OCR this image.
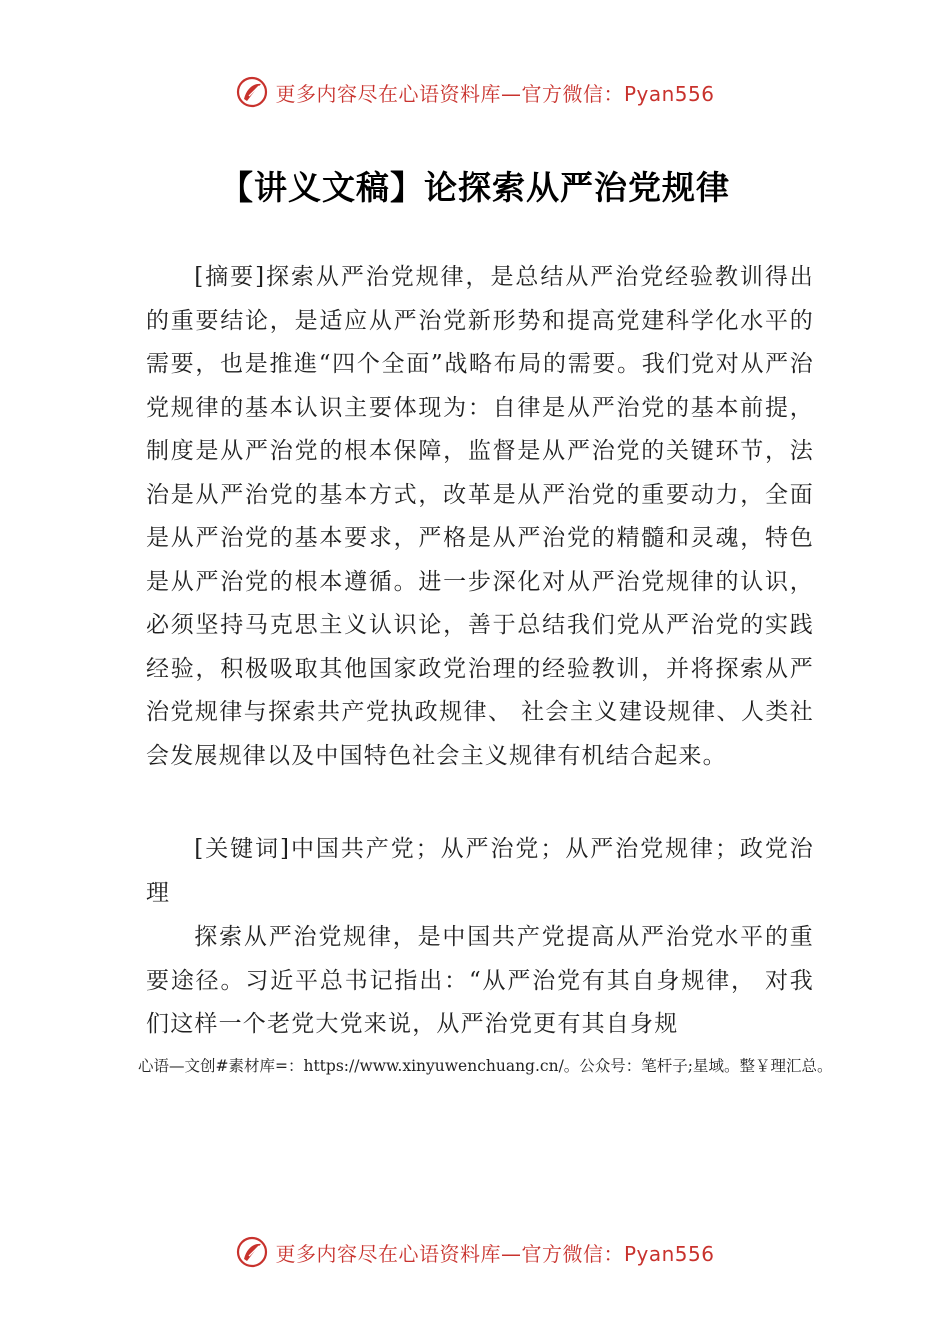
更多内容尽在心语资料库—官方微信：Pyan556
【讲义文稿】论探索从严治党规律

[摘要]探索从严治党规律，是总结从严治党经验教训得出的重要结论，是适应从严治党新形势和提高党建科学化水平的需要，也是推進“四个全面”战略布局的需要。我们党对从严治党规律的基本认识主要体现为：自律是从严治党的基本前提，制度是从严治党的根本保障，监督是从严治党的关键环节，法治是从严治党的基本方式，改革是从严治党的重要动力，全面是从严治党的基本要求，严格是从严治党的精髓和灵魂，特色是从严治党的根本遵循。进一步深化对从严治党规律的认识，必须坚持马克思主义认识论，善于总结我们党从严治党的实践经验，积极吸取其他国家政党治理的经验教训，并将探索从严治党规律与探索共产党执政规律、 社会主义建设规律、人类社会发展规律以及中国特色社会主义规律有机结合起来。

[关键词]中国共产党；从严治党；从严治党规律；政党治理

探索从严治党规律，是中国共产党提高从严治党水平的重要途径。习近平总书记指出：“从严治党有其自身规律， 对我们这样一个老党大党来说，从严治党更有其自身规

心语—文创#素材库=：https://www.xinyuwenchuang.cn/。公众号：笔杆子;星域。整￥理汇总。
更多内容尽在心语资料库—官方微信：Pyan556
